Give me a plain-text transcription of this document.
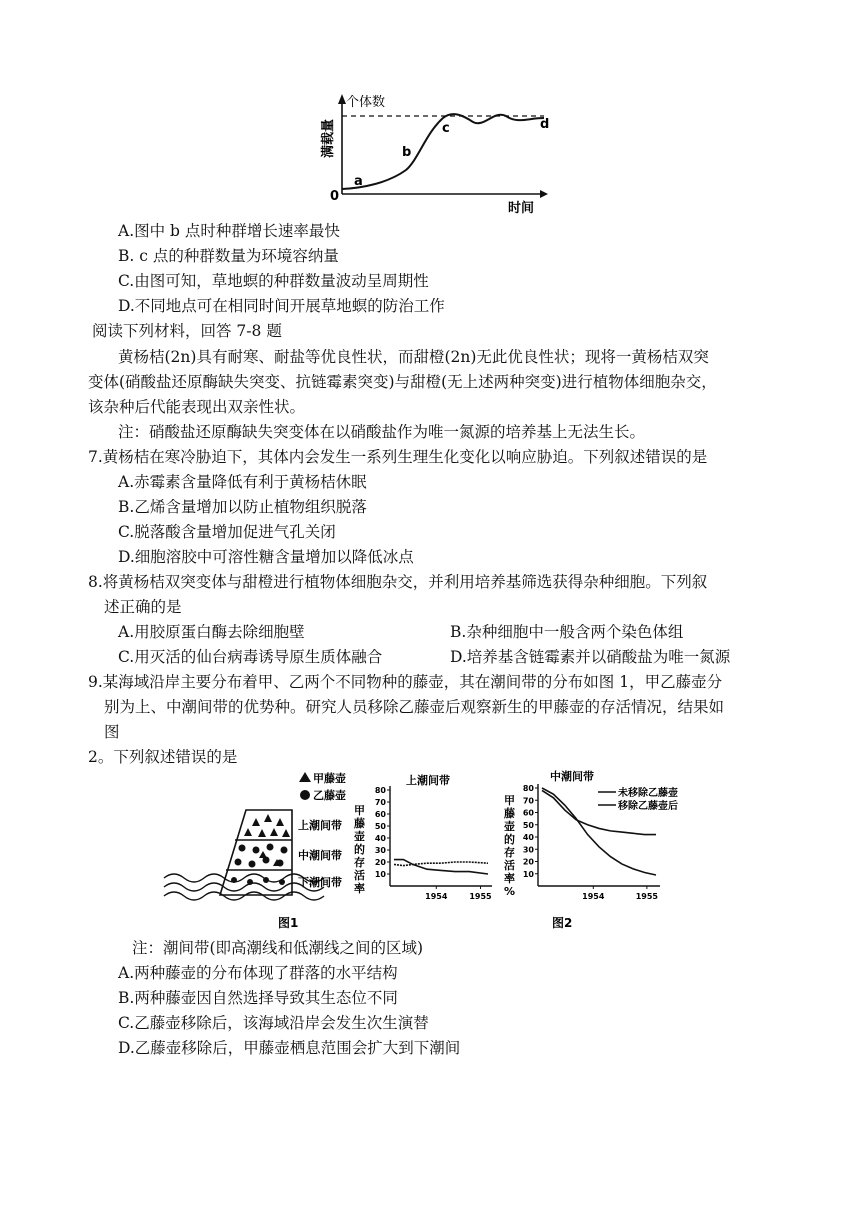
个体数
满载量
时间
0
a
b
c	d
A.图中 b 点时种群增长速率最快
B. c 点的种群数量为环境容纳量
C.由图可知，草地螟的种群数量波动呈周期性
D.不同地点可在相同时间开展草地螟的防治工作
阅读下列材料，回答 7-8 题
黄杨桔(2n)具有耐寒、耐盐等优良性状，而甜橙(2n)无此优良性状；现将一黄杨桔双突
变体(硝酸盐还原酶缺失突变、抗链霉素突变)与甜橙(无上述两种突变)进行植物体细胞杂交，
该杂种后代能表现出双亲性状。
注：硝酸盐还原酶缺失突变体在以硝酸盐作为唯一氮源的培养基上无法生长。
7.黄杨桔在寒冷胁迫下，其体内会发生一系列生理生化变化以响应胁迫。下列叙述错误的是
A.赤霉素含量降低有利于黄杨桔休眠
B.乙烯含量增加以防止植物组织脱落
C.脱落酸含量增加促进气孔关闭
D.细胞溶胶中可溶性糖含量增加以降低冰点
8.将黄杨桔双突变体与甜橙进行植物体细胞杂交，并利用培养基筛选获得杂种细胞。下列叙
述正确的是
A.用胶原蛋白酶去除细胞壁	B.杂种细胞中一般含两个染色体组
C.用灭活的仙台病毒诱导原生质体融合	D.培养基含链霉素并以硝酸盐为唯一氮源
9.某海域沿岸主要分布着甲、乙两个不同物种的藤壶，其在潮间带的分布如图 1，甲乙藤壶分
别为上、中潮间带的优势种。研究人员移除乙藤壶后观察新生的甲藤壶的存活情况，结果如
图
2。下列叙述错误的是
甲藤壶
乙藤壶
上潮间带
中潮间带
下潮间带
图1
上潮间带
甲
藤
壶
的
存
活
率
10
20
30
40
50
60
70
80
1954	1955
中潮间带
甲
藤
壶
的
存
活
率
%
未移除乙藤壶
移除乙藤壶后
10
20
30
40
50
60
70
80
1954	1955
图2
注：潮间带(即高潮线和低潮线之间的区域)
A.两种藤壶的分布体现了群落的水平结构
B.两种藤壶因自然选择导致其生态位不同
C.乙藤壶移除后，该海域沿岸会发生次生演替
D.乙藤壶移除后，甲藤壶栖息范围会扩大到下潮间
